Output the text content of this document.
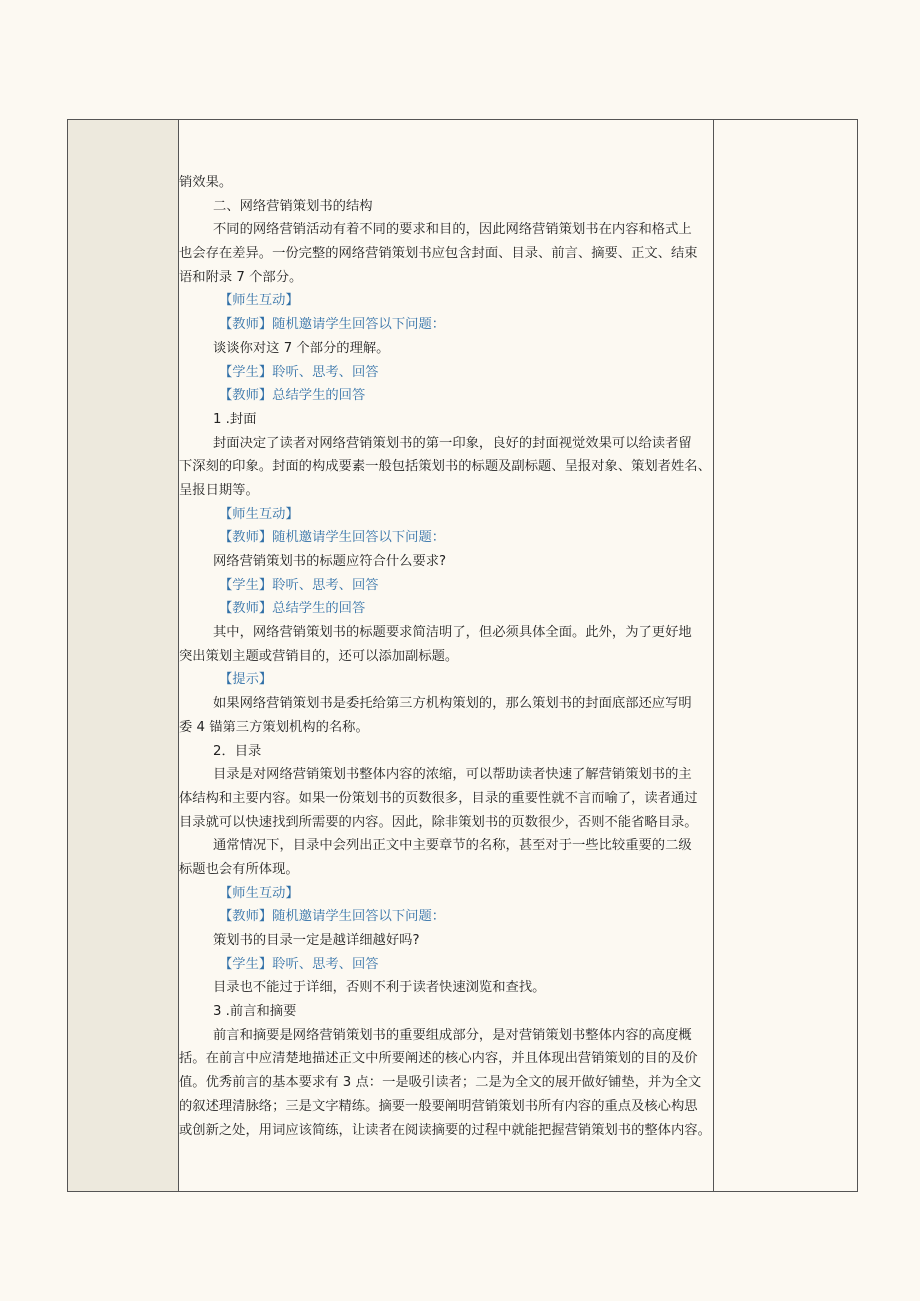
销效果。
二、网络营销策划书的结构
不同的网络营销活动有着不同的要求和目的，因此网络营销策划书在内容和格式上
也会存在差异。一份完整的网络营销策划书应包含封面、目录、前言、摘要、正文、结束
语和附录 7 个部分。
【师生互动】
【教师】随机邀请学生回答以下问题：
谈谈你对这 7 个部分的理解。
【学生】聆听、思考、回答
【教师】总结学生的回答
1 .封面
封面决定了读者对网络营销策划书的第一印象，良好的封面视觉效果可以给读者留
下深刻的印象。封面的构成要素一般包括策划书的标题及副标题、呈报对象、策划者姓名、
呈报日期等。
【师生互动】
【教师】随机邀请学生回答以下问题：
网络营销策划书的标题应符合什么要求?
【学生】聆听、思考、回答
【教师】总结学生的回答
其中，网络营销策划书的标题要求简洁明了，但必须具体全面。此外，为了更好地
突出策划主题或营销目的，还可以添加副标题。
【提示】
如果网络营销策划书是委托给第三方机构策划的，那么策划书的封面底部还应写明
委 4 锚第三方策划机构的名称。
2．目录
目录是对网络营销策划书整体内容的浓缩，可以帮助读者快速了解营销策划书的主
体结构和主要内容。如果一份策划书的页数很多，目录的重要性就不言而喻了，读者通过
目录就可以快速找到所需要的内容。因此，除非策划书的页数很少，否则不能省略目录。
通常情况下，目录中会列出正文中主要章节的名称，甚至对于一些比较重要的二级
标题也会有所体现。
【师生互动】
【教师】随机邀请学生回答以下问题：
策划书的目录一定是越详细越好吗?
【学生】聆听、思考、回答
目录也不能过于详细，否则不利于读者快速浏览和查找。
3 .前言和摘要
前言和摘要是网络营销策划书的重要组成部分，是对营销策划书整体内容的高度概
括。在前言中应清楚地描述正文中所要阐述的核心内容，并且体现出营销策划的目的及价
值。优秀前言的基本要求有 3 点：一是吸引读者；二是为全文的展开做好铺垫，并为全文
的叙述理清脉络；三是文字精练。摘要一般要阐明营销策划书所有内容的重点及核心构思
或创新之处，用词应该简练，让读者在阅读摘要的过程中就能把握营销策划书的整体内容。
